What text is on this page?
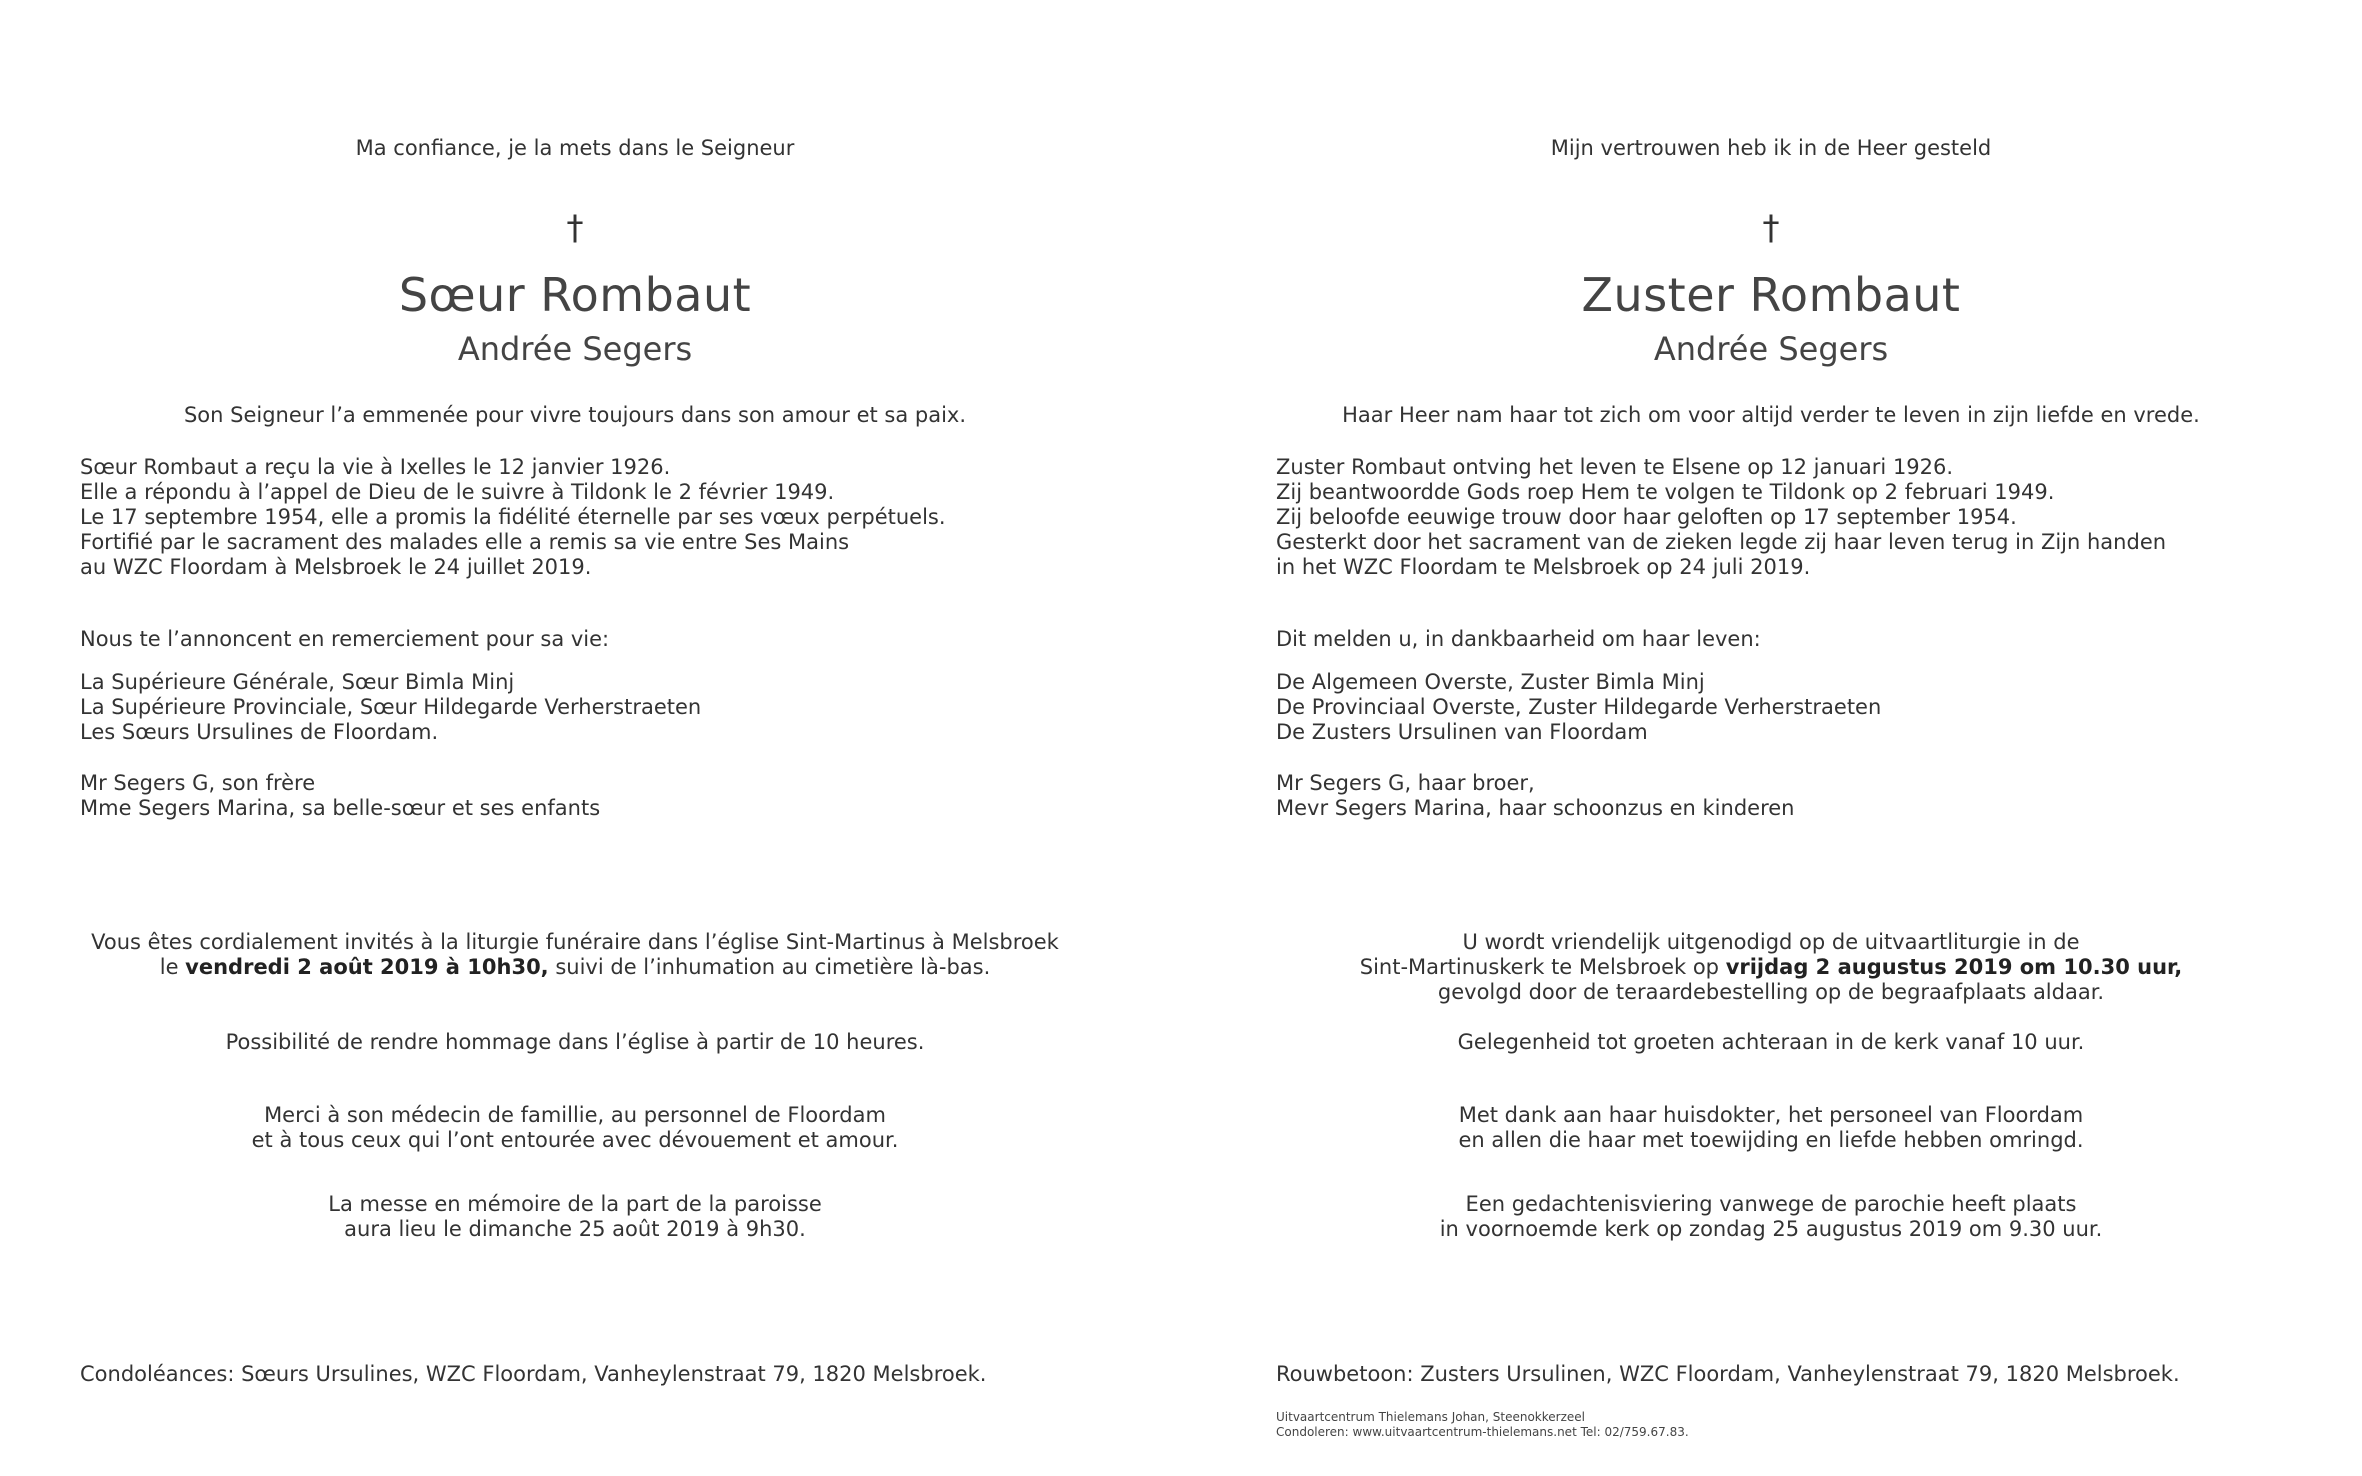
Ma confiance, je la mets dans le Seigneur
†
Sœur Rombaut
Andrée Segers
Son Seigneur l’a emmenée pour vivre toujours dans son amour et sa paix.
Sœur Rombaut a reçu la vie à Ixelles le 12 janvier 1926.
Elle a répondu à l’appel de Dieu de le suivre à Tildonk le 2 février 1949.
Le 17 septembre 1954, elle a promis la fidélité éternelle par ses vœux perpétuels.
Fortifié par le sacrament des malades elle a remis sa vie entre Ses Mains
au WZC Floordam à Melsbroek le 24 juillet 2019.
Nous te l’annoncent en remerciement pour sa vie:
La Supérieure Générale, Sœur Bimla Minj
La Supérieure Provinciale, Sœur Hildegarde Verherstraeten
Les Sœurs Ursulines de Floordam.
Mr Segers G, son frère
Mme Segers Marina, sa belle-sœur et ses enfants
Vous êtes cordialement invités à la liturgie funéraire dans l’église Sint-Martinus à Melsbroek
le vendredi 2 août 2019 à 10h30, suivi de l’inhumation au cimetière là-bas.
Possibilité de rendre hommage dans l’église à partir de 10 heures.
Merci à son médecin de famillie, au personnel de Floordam
et à tous ceux qui l’ont entourée avec dévouement et amour.
La messe en mémoire de la part de la paroisse
aura lieu le dimanche 25 août 2019 à 9h30.
Condoléances: Sœurs Ursulines, WZC Floordam, Vanheylenstraat 79, 1820 Melsbroek.
Mijn vertrouwen heb ik in de Heer gesteld
†
Zuster Rombaut
Andrée Segers
Haar Heer nam haar tot zich om voor altijd verder te leven in zijn liefde en vrede.
Zuster Rombaut ontving het leven te Elsene op 12 januari 1926.
Zij beantwoordde Gods roep Hem te volgen te Tildonk op 2 februari 1949.
Zij beloofde eeuwige trouw door haar geloften op 17 september 1954.
Gesterkt door het sacrament van de zieken legde zij haar leven terug in Zijn handen
in het WZC Floordam te Melsbroek op 24 juli 2019.
Dit melden u, in dankbaarheid om haar leven:
De Algemeen Overste, Zuster Bimla Minj
De Provinciaal Overste, Zuster Hildegarde Verherstraeten
De Zusters Ursulinen van Floordam
Mr Segers G, haar broer,
Mevr Segers Marina, haar schoonzus en kinderen
U wordt vriendelijk uitgenodigd op de uitvaartliturgie in de
Sint-Martinuskerk te Melsbroek op vrijdag 2 augustus 2019 om 10.30 uur,
gevolgd door de teraardebestelling op de begraafplaats aldaar.
Gelegenheid tot groeten achteraan in de kerk vanaf 10 uur.
Met dank aan haar huisdokter, het personeel van Floordam
en allen die haar met toewijding en liefde hebben omringd.
Een gedachtenisviering vanwege de parochie heeft plaats
in voornoemde kerk op zondag 25 augustus 2019 om 9.30 uur.
Rouwbetoon: Zusters Ursulinen, WZC Floordam, Vanheylenstraat 79, 1820 Melsbroek.
Uitvaartcentrum Thielemans Johan, Steenokkerzeel
Condoleren: www.uitvaartcentrum-thielemans.net Tel: 02/759.67.83.
